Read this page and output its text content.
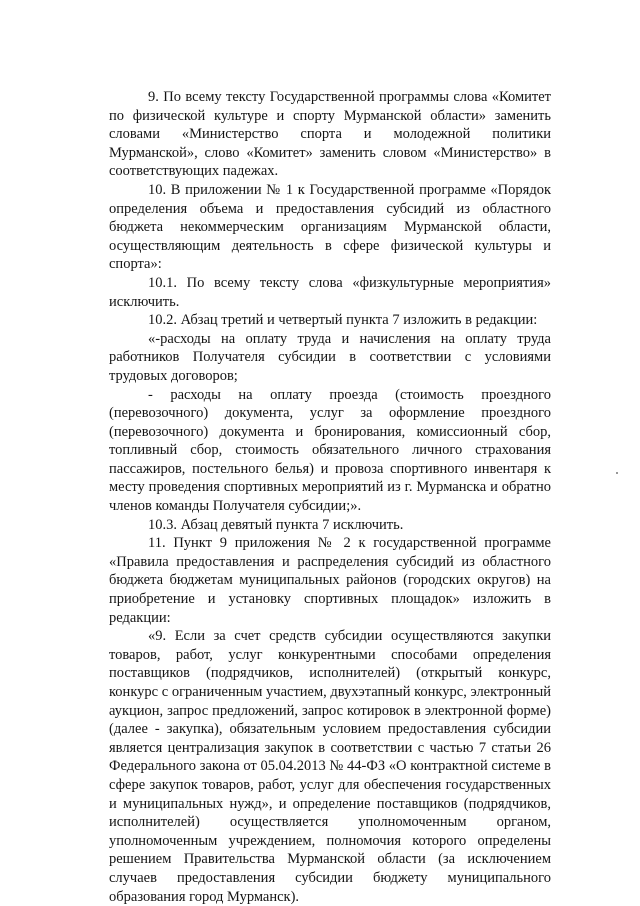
9. По всему тексту Государственной программы слова «Комитет по физической культуре и спорту Мурманской области» заменить словами «Министерство спорта и молодежной политики Мурманской», слово «Комитет» заменить словом «Министерство» в соответствующих падежах.

10. В приложении № 1 к Государственной программе «Порядок определения объема и предоставления субсидий из областного бюджета некоммерческим организациям Мурманской области, осуществляющим деятельность в сфере физической культуры и спорта»:

10.1. По всему тексту слова «физкультурные мероприятия» исключить.

10.2. Абзац третий и четвертый пункта 7 изложить в редакции:

«-расходы на оплату труда и начисления на оплату труда работников Получателя субсидии в соответствии с условиями трудовых договоров;

- расходы на оплату проезда (стоимость проездного (перевозочного) документа, услуг за оформление проездного (перевозочного) документа и бронирования, комиссионный сбор, топливный сбор, стоимость обязательного личного страхования пассажиров, постельного белья) и провоза спортивного инвентаря к месту проведения спортивных мероприятий из г. Мурманска и обратно членов команды Получателя субсидии;».

10.3. Абзац девятый пункта 7 исключить.

11. Пункт 9 приложения № 2 к государственной программе «Правила предоставления и распределения субсидий из областного бюджета бюджетам муниципальных районов (городских округов) на приобретение и установку спортивных площадок» изложить в редакции:

«9. Если за счет средств субсидии осуществляются закупки товаров, работ, услуг конкурентными способами определения поставщиков (подрядчиков, исполнителей) (открытый конкурс, конкурс с ограниченным участием, двухэтапный конкурс, электронный аукцион, запрос предложений, запрос котировок в электронной форме) (далее - закупка), обязательным условием предоставления субсидии является централизация закупок в соответствии с частью 7 статьи 26 Федерального закона от 05.04.2013 № 44-ФЗ «О контрактной системе в сфере закупок товаров, работ, услуг для обеспечения государственных и муниципальных нужд», и определение поставщиков (подрядчиков, исполнителей) осуществляется уполномоченным органом, уполномоченным учреждением, полномочия которого определены решением Правительства Мурманской области (за исключением случаев предоставления субсидии бюджету муниципального образования город Мурманск).
